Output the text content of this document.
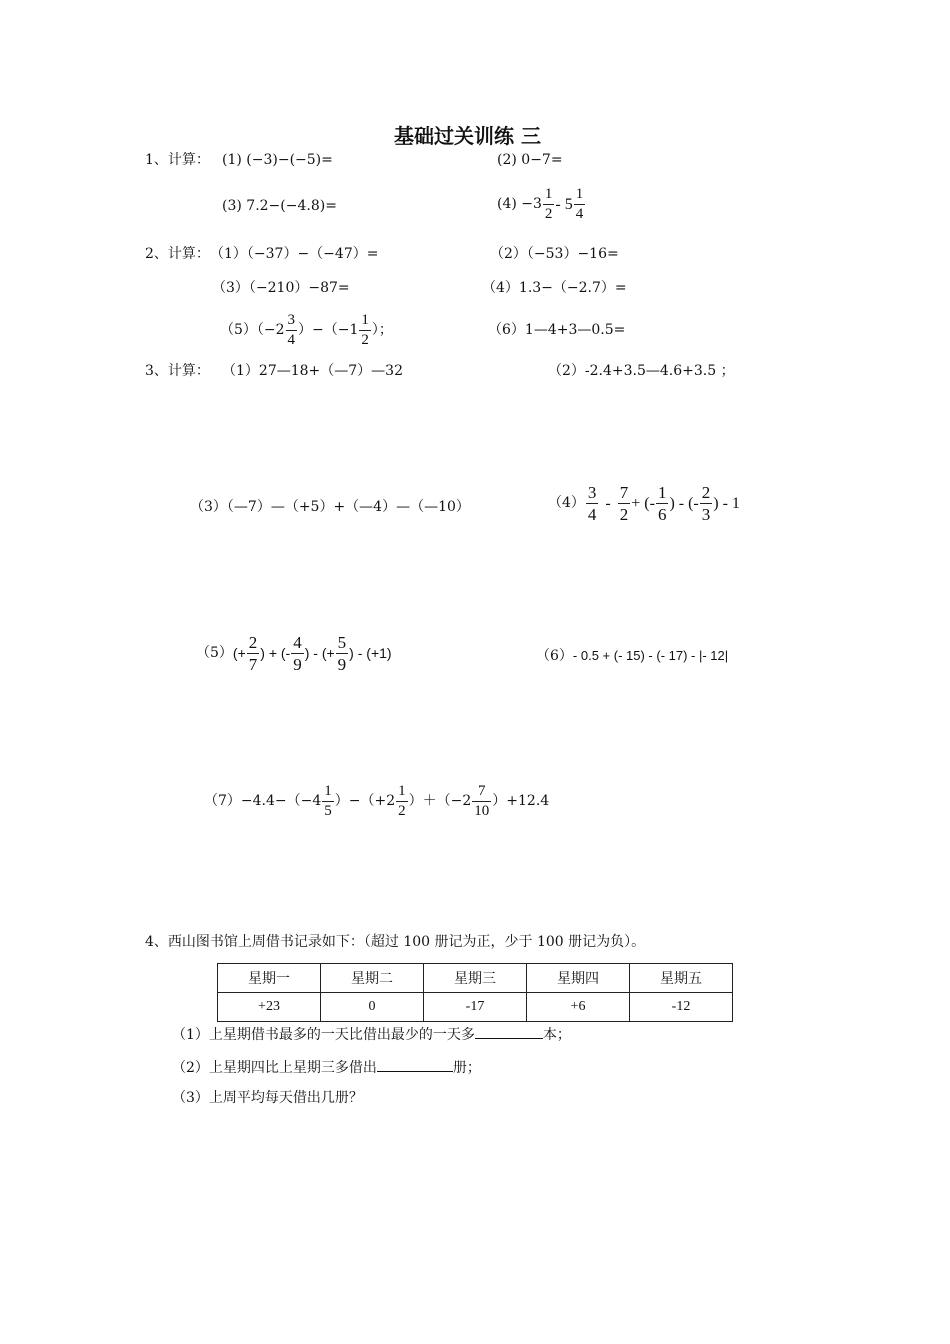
基础过关训练 三
1、计算： (1) (−3)−(−5)=	(2) 0−7=
(3) 7.2−(−4.8)=	$(4) -3 \frac{1}{2} - 5 \frac{1}{4}$
2、计算： （1）（−37）−（−47）=	（2）（−53）−16=
（3）（−210）−87=	（4）1.3−（−2.7）=
$(5)(-2 \frac{3}{4} )-(-1 \frac{1}{2}$ ）；	（6）1—4+3—0.5=
3、计算： （1）27—18+（—7）—32	（2）-2.4+3.5—4.6+3.5 ；
（3）（—7）—（+5）+（—4）—（—10）	$(4) \frac{3}{4} - \frac{7}{2}$ + (- $\frac{1}{6}$ ) - (- $\frac{2}{3}$ ) - 1
$(5)(+ \frac{2}{7}$ ) + (- $\frac{4}{9}$ ) - (+ $\frac{5}{9}$ ) - (+1)	（6）- 0.5 + (- 15) - (- 17) - |- 12|
$(7)-4.4-(-4 \frac{1}{5} )-(+2 \frac{1}{2} )+(-2 \frac{7}{10} )+12.4$
4、西山图书馆上周借书记录如下：（超过 100 册记为正，少于 100 册记为负）。
星期一	星期二	星期三	星期四	星期五
+23	0	-17	+6	-12
（1）上星期借书最多的一天比借出最少的一天多	本；
（2）上星期四比上星期三多借出	册；
（3）上周平均每天借出几册？
